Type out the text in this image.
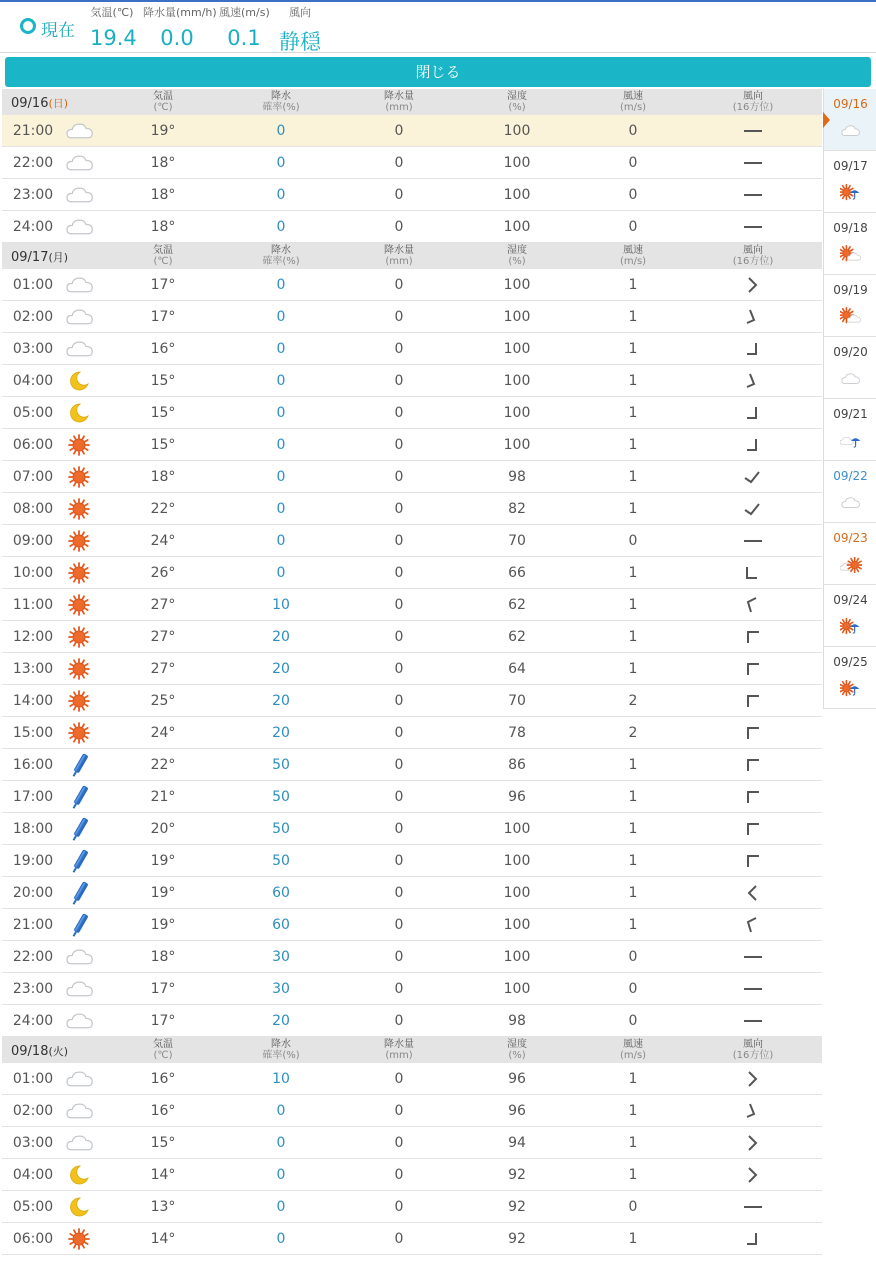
現在
気温(℃)
19.4
降水量(mm/h)
0.0
風速(m/s)
0.1
風向
静穏
閉じる
09/16(日)
気温
(℃)
降水
確率(%)
降水量
(mm)
湿度
(%)
風速
(m/s)
風向
(16方位)
21:00	19°	0	0	100	0
22:00	18°	0	0	100	0
23:00	18°	0	0	100	0
24:00	18°	0	0	100	0
09/17(月)
気温
(℃)
降水
確率(%)
降水量
(mm)
湿度
(%)
風速
(m/s)
風向
(16方位)
01:00	17°	0	0	100	1
02:00	17°	0	0	100	1
03:00	16°	0	0	100	1
04:00	15°	0	0	100	1
05:00	15°	0	0	100	1
06:00	15°	0	0	100	1
07:00	18°	0	0	98	1
08:00	22°	0	0	82	1
09:00	24°	0	0	70	0
10:00	26°	0	0	66	1
11:00	27°	10	0	62	1
12:00	27°	20	0	62	1
13:00	27°	20	0	64	1
14:00	25°	20	0	70	2
15:00	24°	20	0	78	2
16:00	22°	50	0	86	1
17:00	21°	50	0	96	1
18:00	20°	50	0	100	1
19:00	19°	50	0	100	1
20:00	19°	60	0	100	1
21:00	19°	60	0	100	1
22:00	18°	30	0	100	0
23:00	17°	30	0	100	0
24:00	17°	20	0	98	0
09/18(火)
気温
(℃)
降水
確率(%)
降水量
(mm)
湿度
(%)
風速
(m/s)
風向
(16方位)
01:00	16°	10	0	96	1
02:00	16°	0	0	96	1
03:00	15°	0	0	94	1
04:00	14°	0	0	92	1
05:00	13°	0	0	92	0
06:00	14°	0	0	92	1
09/16
09/17
09/18
09/19
09/20
09/21
09/22
09/23
09/24
09/25
